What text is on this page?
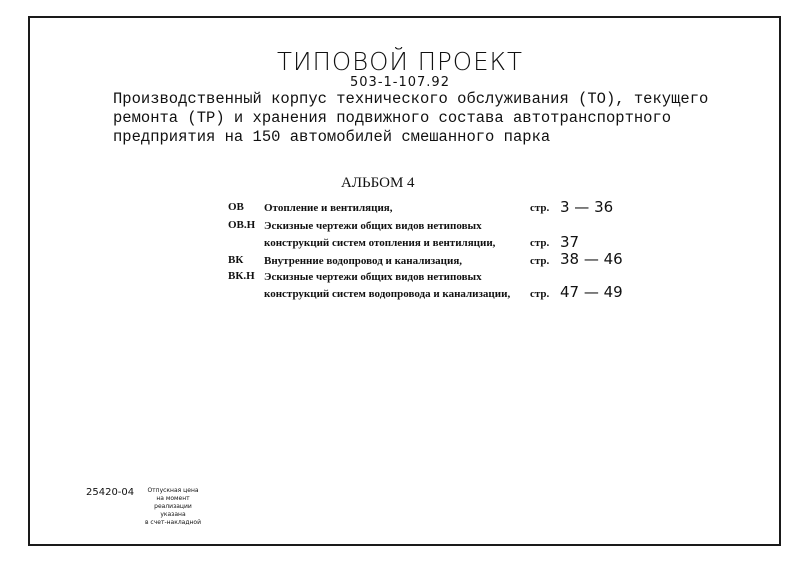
ТИПОВОЙ ПРОЕКТ
503-1-107.92
Производственный корпус технического обслуживания (ТО), текущего
ремонта (ТР) и хранения подвижного состава автотранспортного
предприятия на 150 автомобилей смешанного парка
АЛЬБОМ 4
ОВ Отопление и вентиляция,	стр. 3 — 36
ОВ.Н Эскизные чертежи общих видов нетиповых
конструкций систем отопления и вентиляции,	стр. 37
ВК Внутренние водопровод и канализация,	стр. 38 — 46
ВК.Н Эскизные чертежи общих видов нетиповых
конструкций систем водопровода и канализации, стр. 47 — 49
25420-04	Отпускная цена
на момент реализации
указана
в счет-накладной
